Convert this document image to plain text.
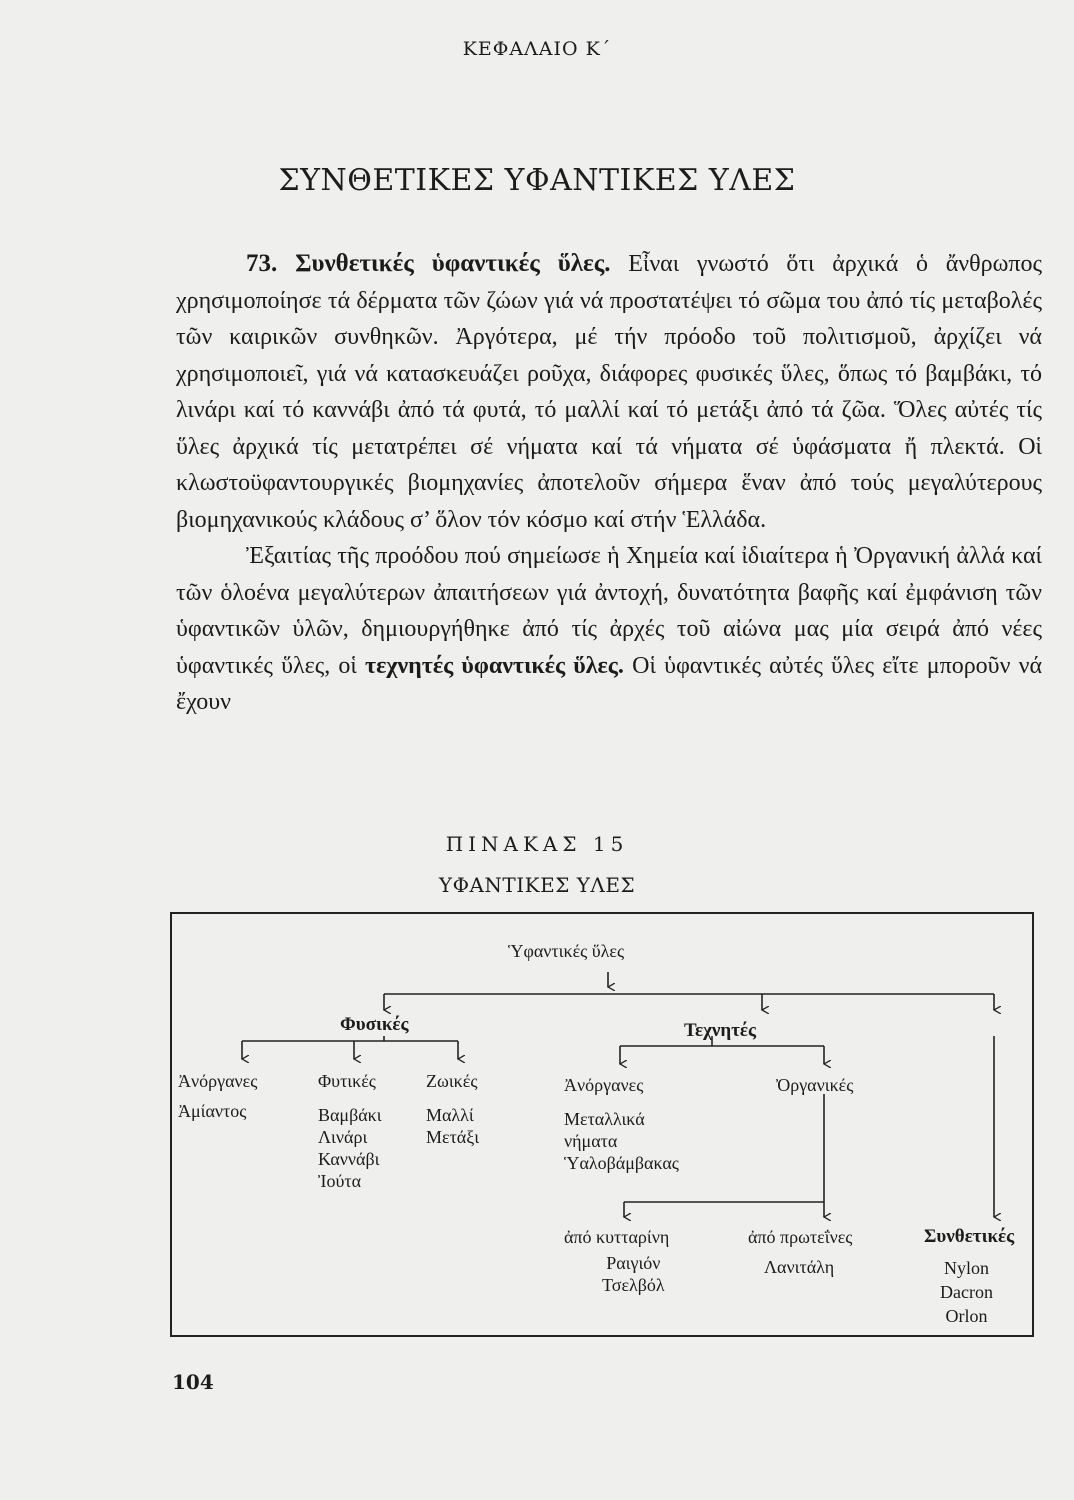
ΚΕΦΑΛΑΙΟ Κ΄
ΣΥΝΘΕΤΙΚΕΣ ΥΦΑΝΤΙΚΕΣ ΥΛΕΣ

73. Συνθετικές ὑφαντικές ὕλες. Εἶναι γνωστό ὅτι ἀρχικά ὁ ἄνθρωπος χρησιμοποίησε τά δέρματα τῶν ζώων γιά νά προστατέψει τό σῶμα του ἀπό τίς μεταβολές τῶν καιρικῶν συνθηκῶν. Ἀργότερα, μέ τήν πρόοδο τοῦ πολιτισμοῦ, ἀρχίζει νά χρησιμοποιεῖ, γιά νά κατασκευάζει ροῦχα, διάφορες φυσικές ὕλες, ὅπως τό βαμβάκι, τό λινάρι καί τό καννάβι ἀπό τά φυτά, τό μαλλί καί τό μετάξι ἀπό τά ζῶα. Ὅλες αὐτές τίς ὕλες ἀρχικά τίς μετατρέπει σέ νήματα καί τά νήματα σέ ὑφάσματα ἤ πλεκτά. Οἱ κλωστοϋφαντουργικές βιομηχανίες ἀποτελοῦν σήμερα ἕναν ἀπό τούς μεγαλύτερους βιομηχανικούς κλάδους σ’ ὅλον τόν κόσμο καί στήν Ἑλλάδα.

Ἐξαιτίας τῆς προόδου πού σημείωσε ἡ Χημεία καί ἰδιαίτερα ἡ Ὀργανική ἀλλά καί τῶν ὁλοένα μεγαλύτερων ἀπαιτήσεων γιά ἀντοχή, δυνατότητα βαφῆς καί ἐμφάνιση τῶν ὑφαντικῶν ὑλῶν, δημιουργήθηκε ἀπό τίς ἀρχές τοῦ αἰώνα μας μία σειρά ἀπό νέες ὑφαντικές ὕλες, οἱ τεχνητές ὑφαντικές ὕλες. Οἱ ὑφαντικές αὐτές ὕλες εἴτε μποροῦν νά ἔχουν

ΠΙΝΑΚΑΣ 15
ΥΦΑΝΤΙΚΕΣ ΥΛΕΣ
Ὑφαντικές ὕλες
Φυσικές	Τεχνητές
Ἀνόργανες	Φυτικές	Ζωικές	Ἀνόργανες	Ὀργανικές
Ἀμίαντος	Βαμβάκι
Λινάρι
Καννάβι
Ἰούτα
Μαλλί
Μετάξι
Μεταλλικά
νήματα
Ὑαλοβάμβακας
ἀπό κυτταρίνη	ἀπό πρωτεΐνες	Συνθετικές
Ραιγιόν
Τσελβόλ
Λανιτάλη	Nylon
Dacron
Orlon
104
